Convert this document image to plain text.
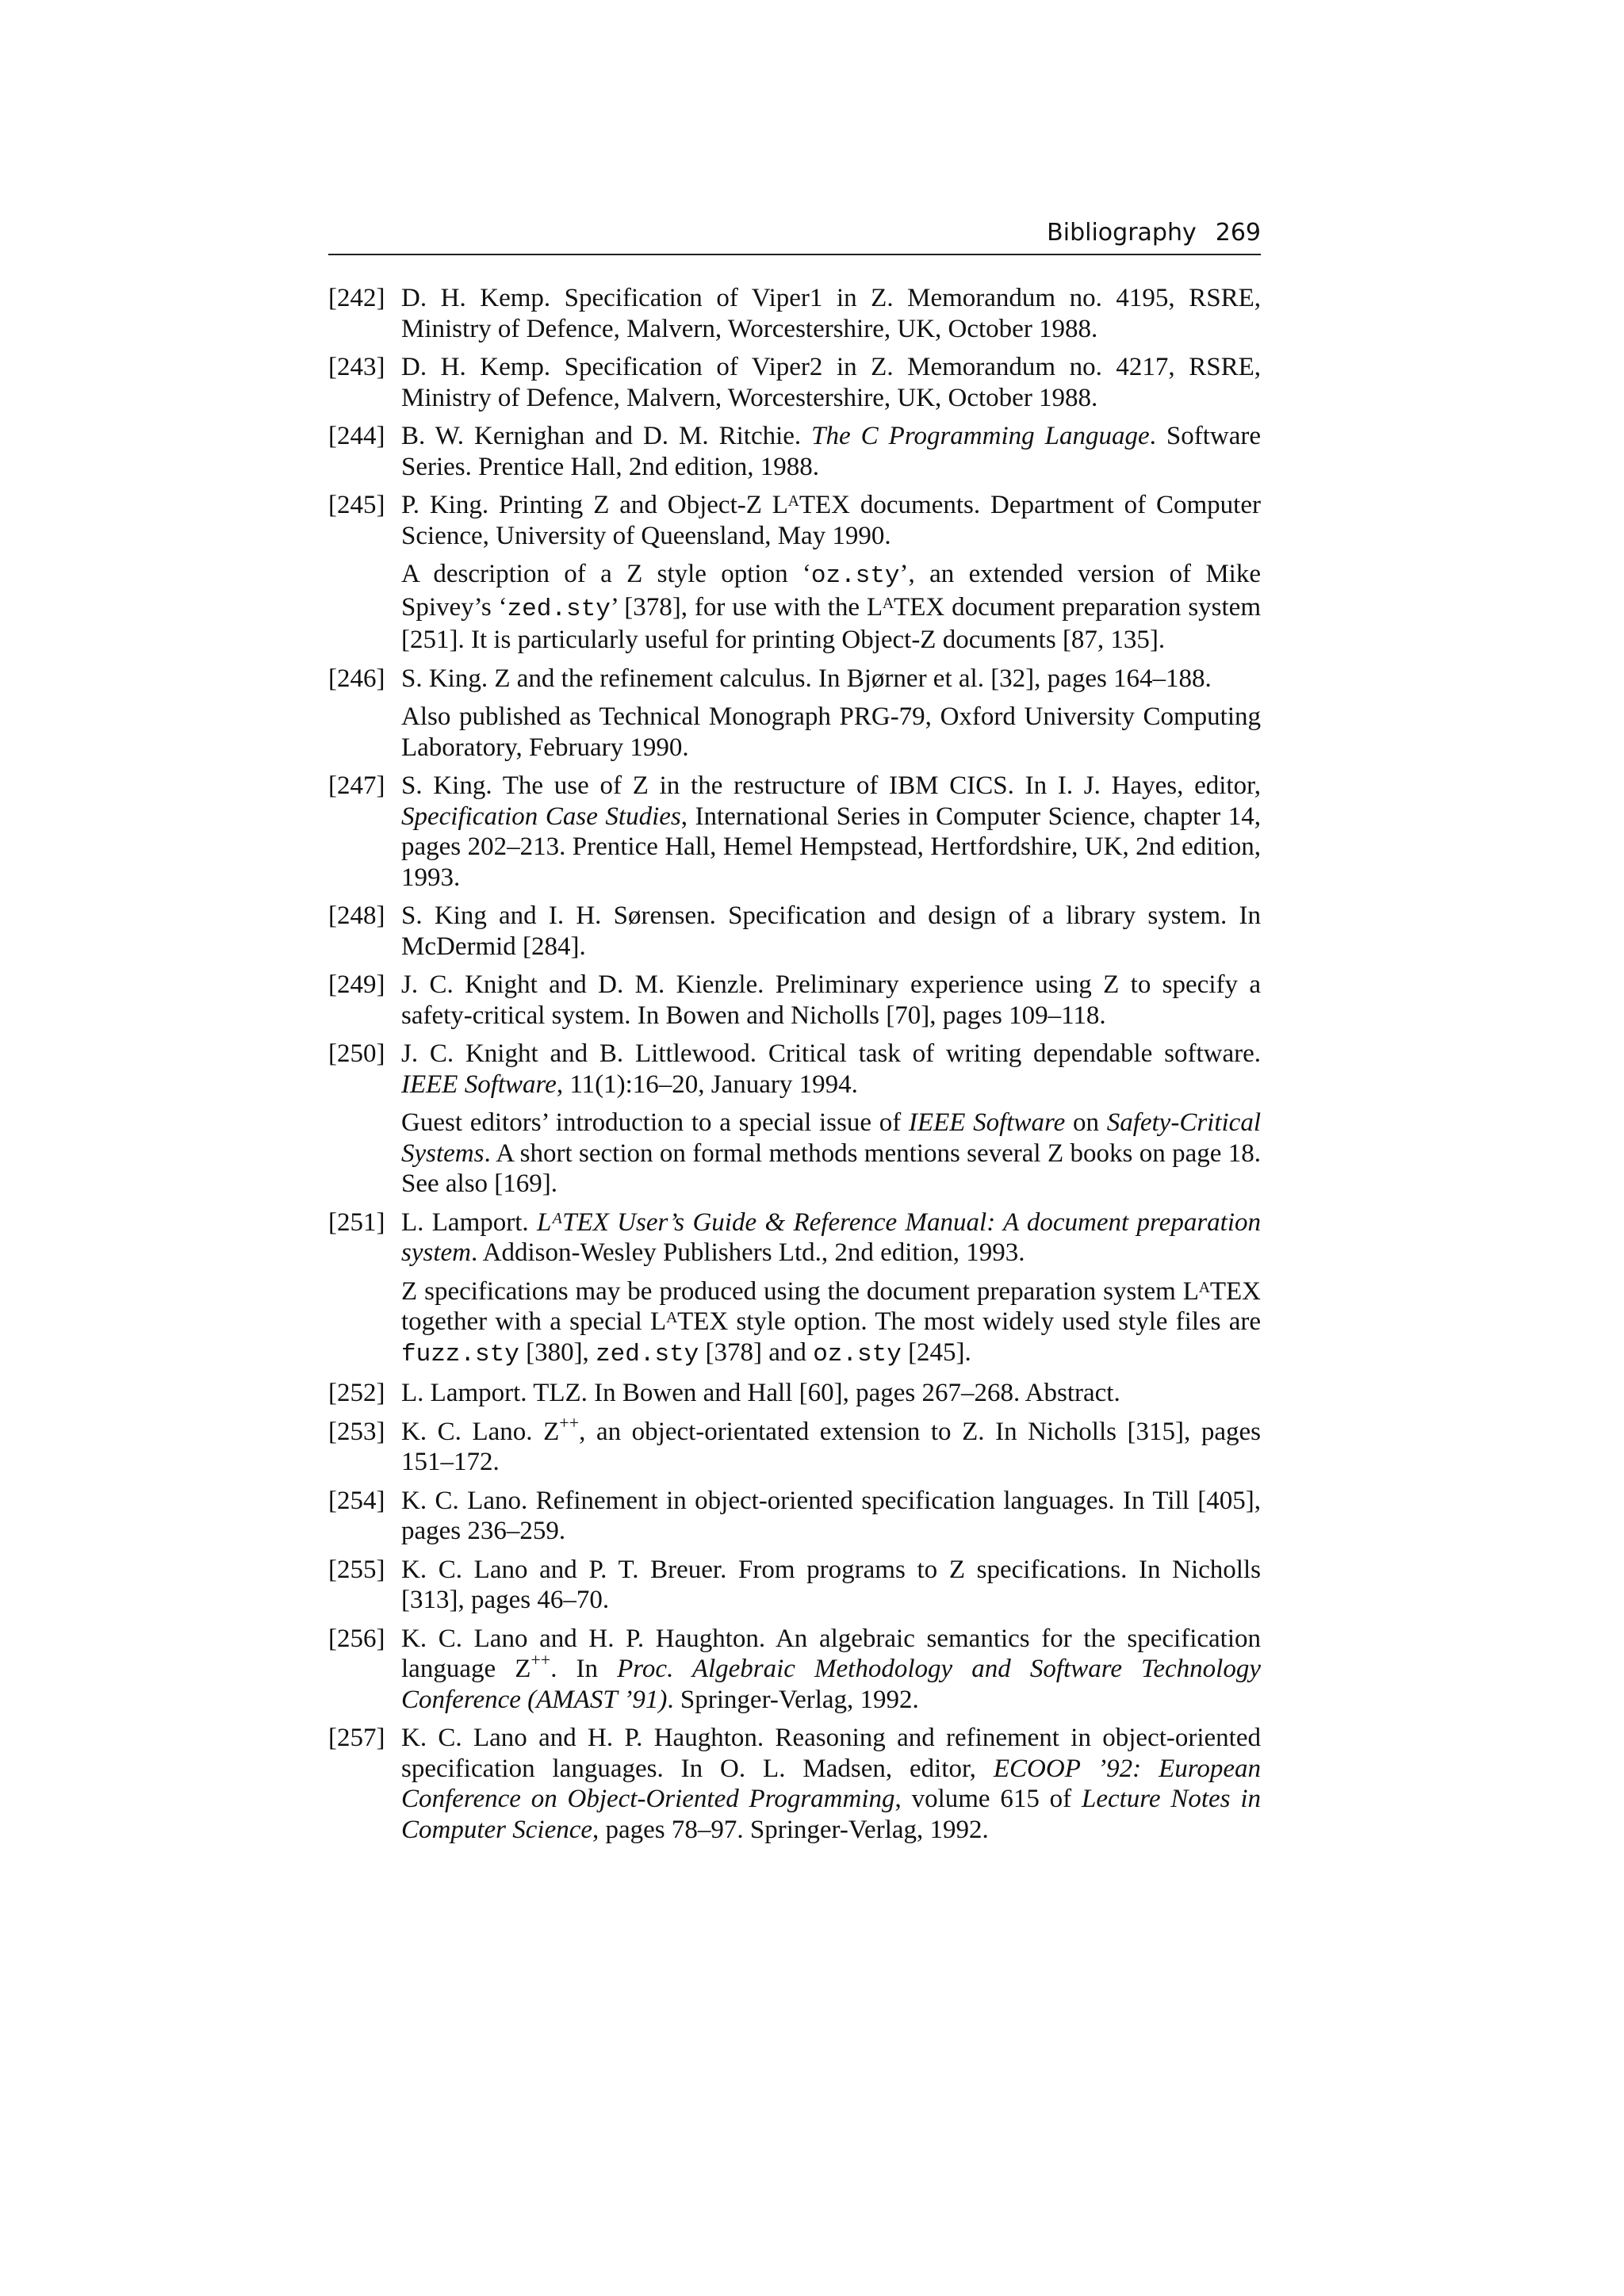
Bibliography 269
[242] D. H. Kemp. Specification of Viper1 in Z. Memorandum no. 4195, RSRE, Ministry of Defence, Malvern, Worcestershire, UK, October 1988.

[243] D. H. Kemp. Specification of Viper2 in Z. Memorandum no. 4217, RSRE, Ministry of Defence, Malvern, Worcestershire, UK, October 1988.

[244] B. W. Kernighan and D. M. Ritchie. The C Programming Language. Software Series. Prentice Hall, 2nd edition, 1988.

[245] P. King. Printing Z and Object-Z LᴬTEX documents. Department of Computer Science, University of Queensland, May 1990.

A description of a Z style option ‘oz.sty’, an extended version of Mike Spivey’s ‘zed.sty’ [378], for use with the LᴬTEX document preparation system [251]. It is particularly useful for printing Object-Z documents [87, 135].

[246] S. King. Z and the refinement calculus. In Bjørner et al. [32], pages 164–188.

Also published as Technical Monograph PRG-79, Oxford University Computing Laboratory, February 1990.

[247] S. King. The use of Z in the restructure of IBM CICS. In I. J. Hayes, editor, Specification Case Studies, International Series in Computer Science, chapter 14, pages 202–213. Prentice Hall, Hemel Hempstead, Hertfordshire, UK, 2nd edition, 1993.

[248] S. King and I. H. Sørensen. Specification and design of a library system. In McDermid [284].

[249] J. C. Knight and D. M. Kienzle. Preliminary experience using Z to specify a safety-critical system. In Bowen and Nicholls [70], pages 109–118.

[250] J. C. Knight and B. Littlewood. Critical task of writing dependable software. IEEE Software, 11(1):16–20, January 1994.

Guest editors’ introduction to a special issue of IEEE Software on Safety-Critical Systems. A short section on formal methods mentions several Z books on page 18. See also [169].

[251] L. Lamport. LᴬTEX User’s Guide & Reference Manual: A document preparation system. Addison-Wesley Publishers Ltd., 2nd edition, 1993.

Z specifications may be produced using the document preparation system LᴬTEX together with a special LᴬTEX style option. The most widely used style files are fuzz.sty [380], zed.sty [378] and oz.sty [245].

[252] L. Lamport. TLZ. In Bowen and Hall [60], pages 267–268. Abstract.

[253] K. C. Lano. Z++, an object-orientated extension to Z. In Nicholls [315], pages 151–172.

[254] K. C. Lano. Refinement in object-oriented specification languages. In Till [405], pages 236–259.

[255] K. C. Lano and P. T. Breuer. From programs to Z specifications. In Nicholls [313], pages 46–70.

[256] K. C. Lano and H. P. Haughton. An algebraic semantics for the specification language Z++. In Proc. Algebraic Methodology and Software Technology Conference (AMAST ’91). Springer-Verlag, 1992.

[257] K. C. Lano and H. P. Haughton. Reasoning and refinement in object-oriented specification languages. In O. L. Madsen, editor, ECOOP ’92: European Conference on Object-Oriented Programming, volume 615 of Lecture Notes in Computer Science, pages 78–97. Springer-Verlag, 1992.
